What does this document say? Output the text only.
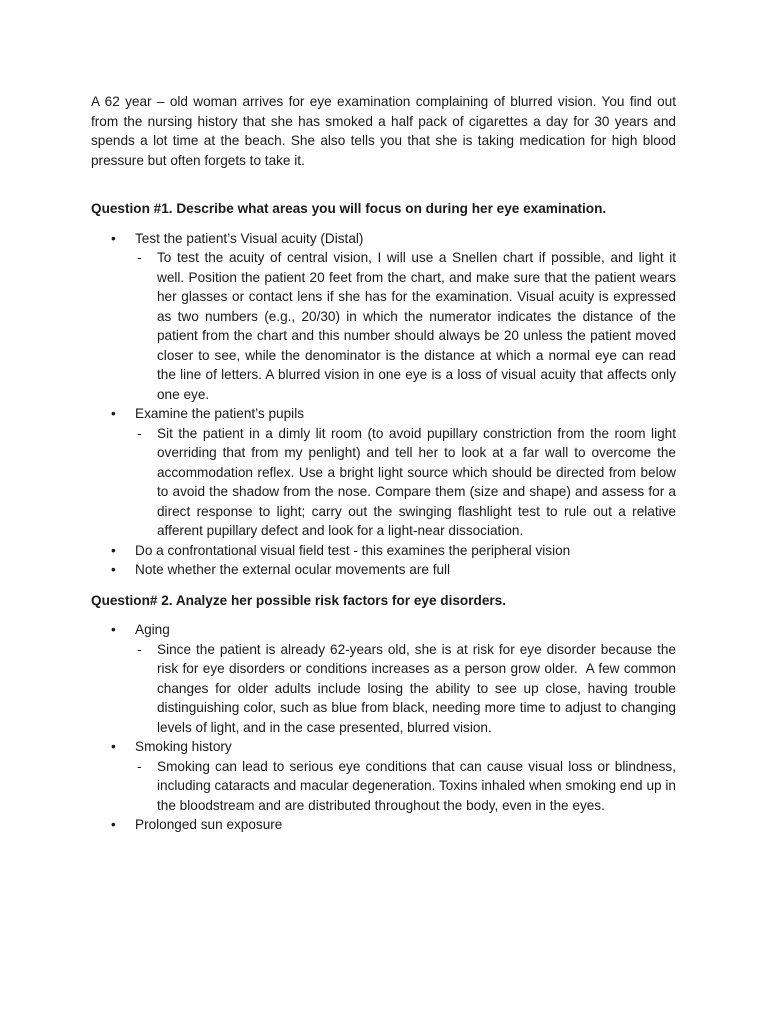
A 62 year – old woman arrives for eye examination complaining of blurred vision. You find out from the nursing history that she has smoked a half pack of cigarettes a day for 30 years and spends a lot time at the beach. She also tells you that she is taking medication for high blood pressure but often forgets to take it.

Question #1. Describe what areas you will focus on during her eye examination.
• Test the patient’s Visual acuity (Distal)
- To test the acuity of central vision, I will use a Snellen chart if possible, and light it well. Position the patient 20 feet from the chart, and make sure that the patient wears her glasses or contact lens if she has for the examination. Visual acuity is expressed as two numbers (e.g., 20/30) in which the numerator indicates the distance of the patient from the chart and this number should always be 20 unless the patient moved closer to see, while the denominator is the distance at which a normal eye can read the line of letters. A blurred vision in one eye is a loss of visual acuity that affects only one eye.
• Examine the patient’s pupils
- Sit the patient in a dimly lit room (to avoid pupillary constriction from the room light overriding that from my penlight) and tell her to look at a far wall to overcome the accommodation reflex. Use a bright light source which should be directed from below to avoid the shadow from the nose. Compare them (size and shape) and assess for a direct response to light; carry out the swinging flashlight test to rule out a relative afferent pupillary defect and look for a light-near dissociation.
• Do a confrontational visual field test - this examines the peripheral vision
• Note whether the external ocular movements are full
Question# 2. Analyze her possible risk factors for eye disorders.
• Aging
- Since the patient is already 62-years old, she is at risk for eye disorder because the risk for eye disorders or conditions increases as a person grow older.  A few common changes for older adults include losing the ability to see up close, having trouble distinguishing color, such as blue from black, needing more time to adjust to changing levels of light, and in the case presented, blurred vision.
• Smoking history
- Smoking can lead to serious eye conditions that can cause visual loss or blindness, including cataracts and macular degeneration. Toxins inhaled when smoking end up in the bloodstream and are distributed throughout the body, even in the eyes.
• Prolonged sun exposure
